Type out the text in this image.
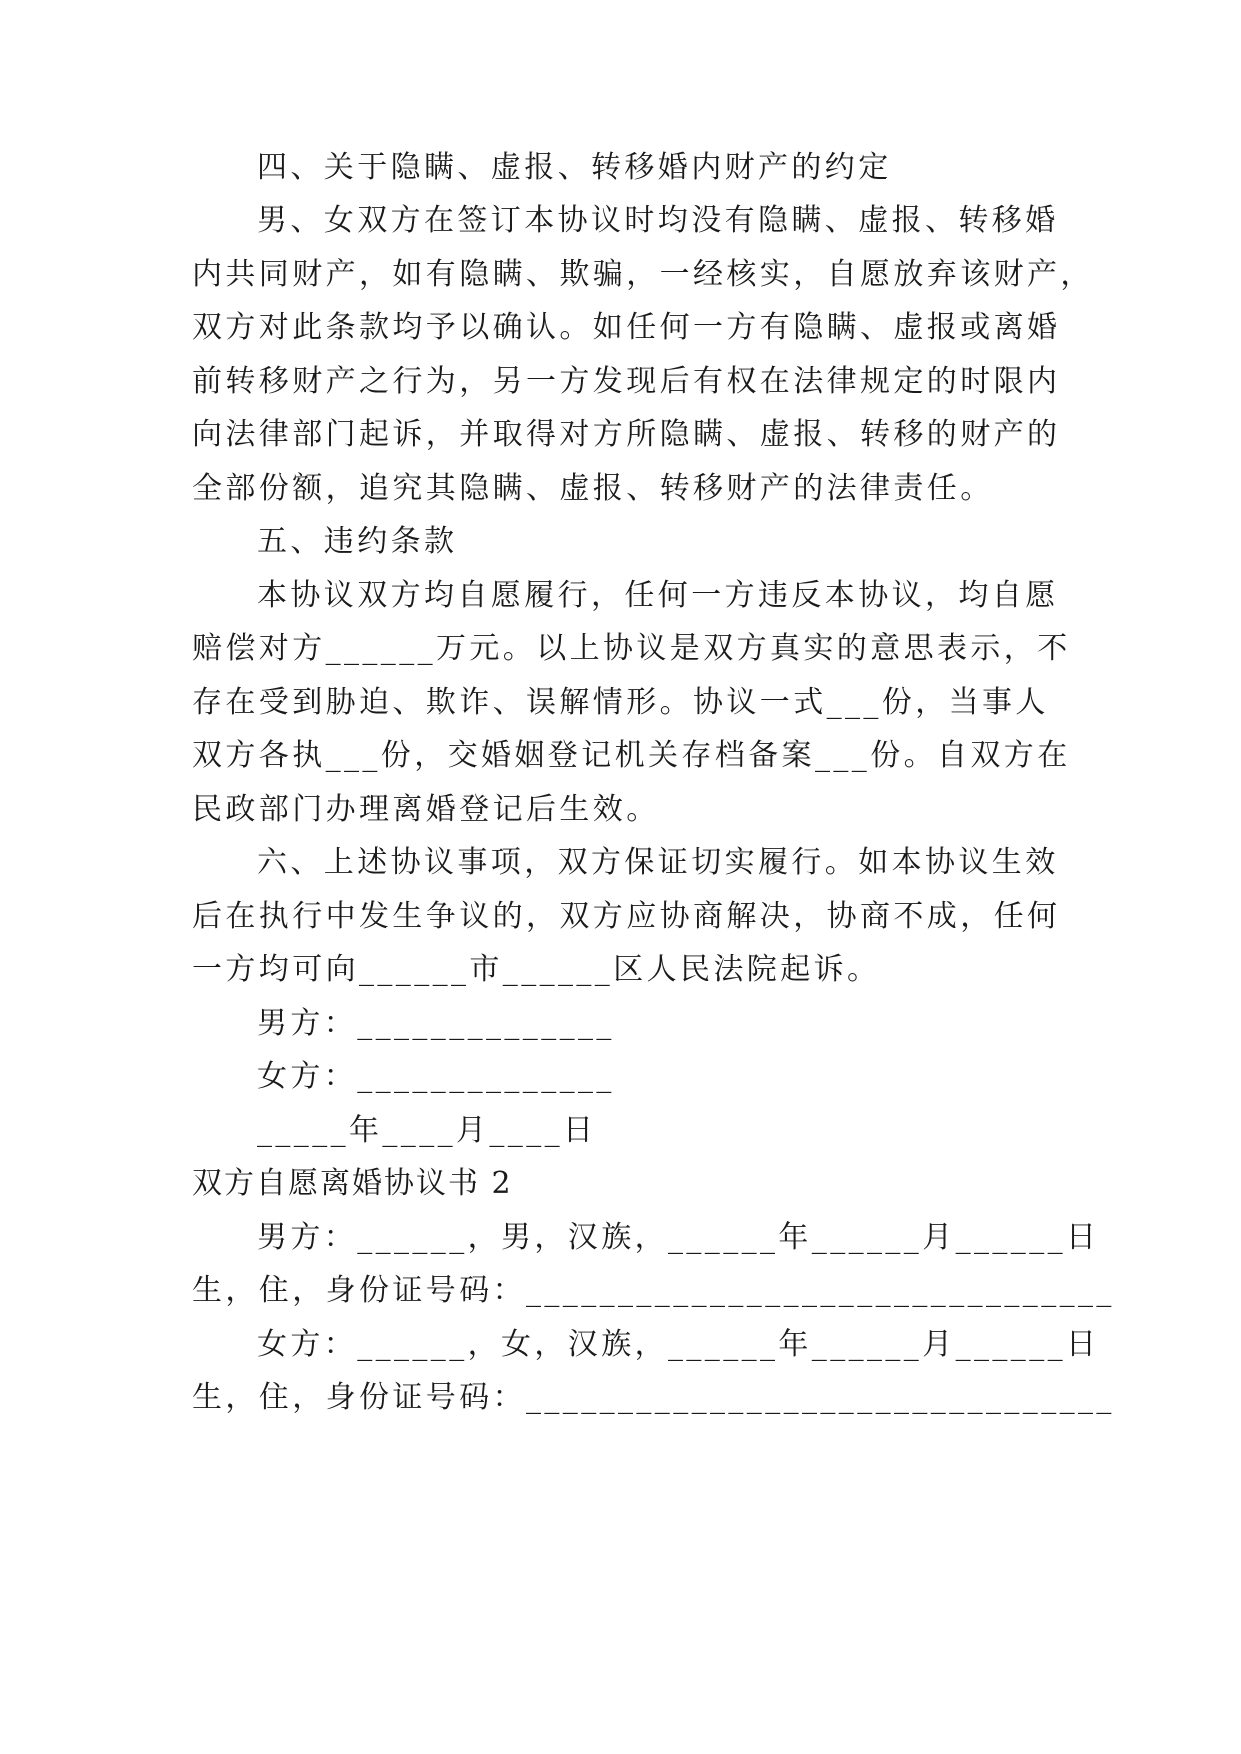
四、关于隐瞒、虚报、转移婚内财产的约定
男、女双方在签订本协议时均没有隐瞒、虚报、转移婚
内共同财产，如有隐瞒、欺骗，一经核实，自愿放弃该财产，
双方对此条款均予以确认。如任何一方有隐瞒、虚报或离婚
前转移财产之行为，另一方发现后有权在法律规定的时限内
向法律部门起诉，并取得对方所隐瞒、虚报、转移的财产的
全部份额，追究其隐瞒、虚报、转移财产的法律责任。
五、违约条款
本协议双方均自愿履行，任何一方违反本协议，均自愿
赔偿对方______万元。以上协议是双方真实的意思表示，不
存在受到胁迫、欺诈、误解情形。协议一式___份，当事人
双方各执___份，交婚姻登记机关存档备案___份。自双方在
民政部门办理离婚登记后生效。
六、上述协议事项，双方保证切实履行。如本协议生效
后在执行中发生争议的，双方应协商解决，协商不成，任何
一方均可向______市______区人民法院起诉。
男方：______________
女方：______________
_____年____月____日
双方自愿离婚协议书 2
男方：______，男，汉族，______年______月______日
生，住，身份证号码：________________________________
女方：______，女，汉族，______年______月______日
生，住，身份证号码：________________________________
